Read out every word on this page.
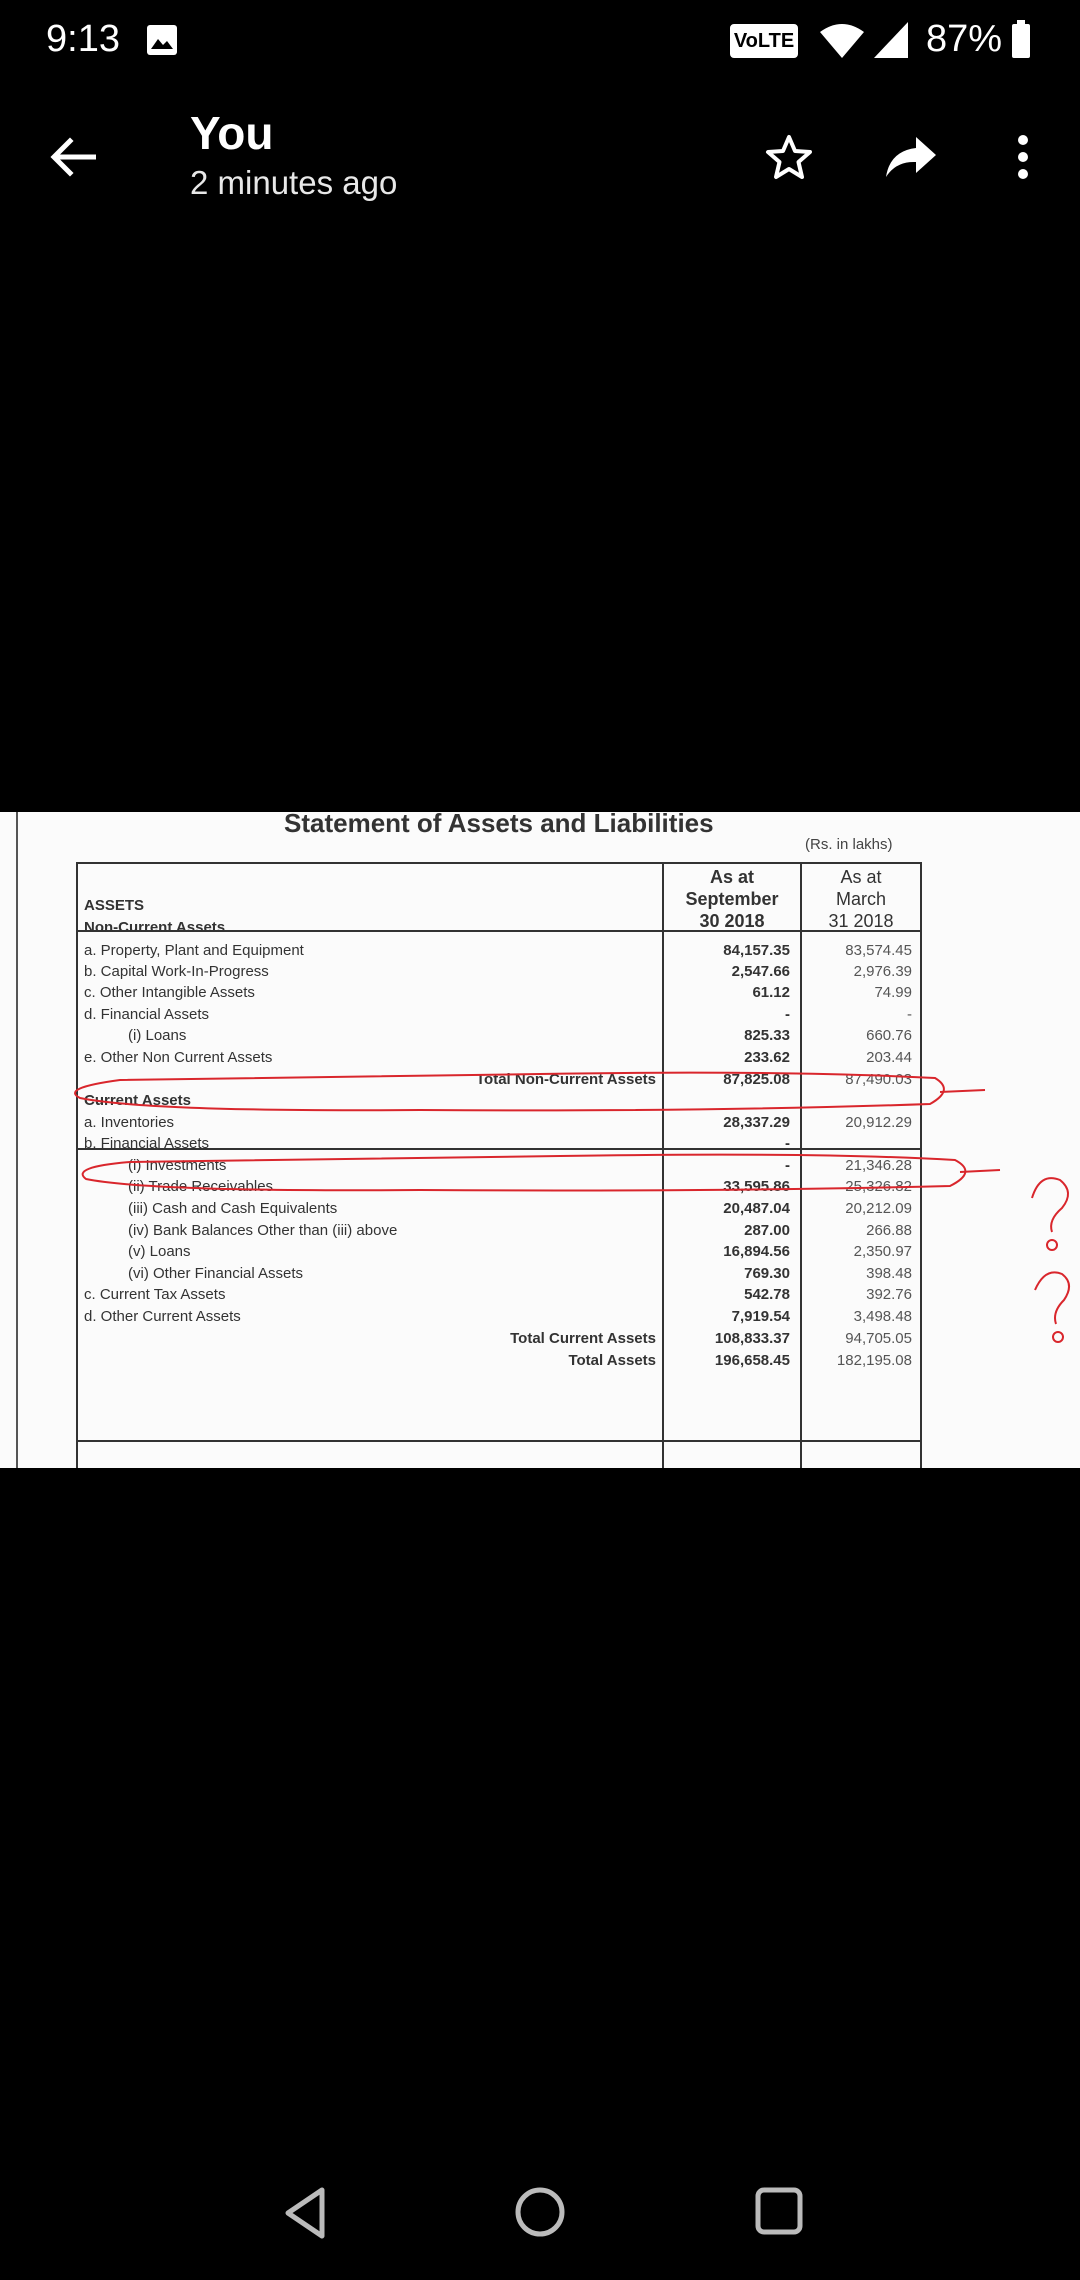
9:13	VoLTE	87%
You
2 minutes ago
Statement of Assets and Liabilities
(Rs. in lakhs)
As at
September
30 2018
As at
March
31 2018
ASSETS
Non-Current Assets
a. Property, Plant and Equipment	84,157.35	83,574.45
b. Capital Work-In-Progress	2,547.66	2,976.39
c. Other Intangible Assets	61.12	74.99
d. Financial Assets	-	-
(i) Loans	825.33	660.76
e. Other Non Current Assets	233.62	203.44
Total Non-Current Assets	87,825.08	87,490.03
Current Assets
a. Inventories	28,337.29	20,912.29
b. Financial Assets	-
(i) Investments	-	21,346.28
(ii) Trade Receivables	33,595.86	25,326.82
(iii) Cash and Cash Equivalents	20,487.04	20,212.09
(iv) Bank Balances Other than (iii) above	287.00	266.88
(v) Loans	16,894.56	2,350.97
(vi) Other Financial Assets	769.30	398.48
c. Current Tax Assets	542.78	392.76
d. Other Current Assets	7,919.54	3,498.48
Total Current Assets	108,833.37	94,705.05
Total Assets	196,658.45	182,195.08
